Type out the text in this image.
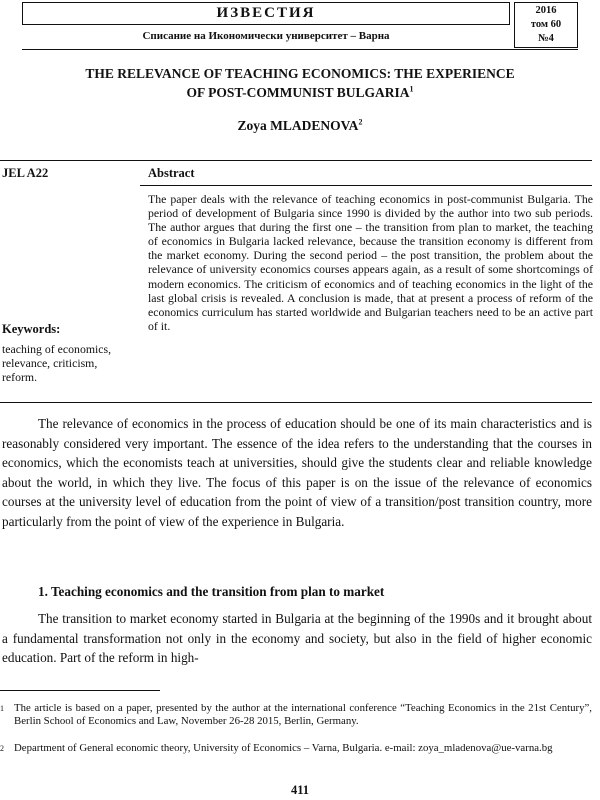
ИЗВЕСТИЯ
Списание на Икономически университет – Варна
2016
том 60
№4
THE RELEVANCE OF TEACHING ECONOMICS: THE EXPERIENCE
OF POST-COMMUNIST BULGARIA$^1$
Zoya MLADENOVA$^2$
JEL A22	Abstract
The paper deals with the relevance of teaching economics in post-communist Bulgaria. The period of development of Bulgaria since 1990 is divided by the author into two sub periods. The author argues that during the first one – the transition from plan to market, the teaching of economics in Bulgaria lacked relevance, because the transition economy is different from the market economy. During the second period – the post transition, the problem about the relevance of university economics courses appears again, as a result of some shortcomings of modern economics. The criticism of economics and of teaching economics in the light of the last global crisis is revealed. A conclusion is made, that at present a process of reform of the economics curriculum has started worldwide and Bulgarian teachers need to be an active part of it.
Keywords:
teaching of economics, relevance, criticism, reform.
The relevance of economics in the process of education should be one of its main characteristics and is reasonably considered very important. The essence of the idea refers to the understanding that the courses in economics, which the economists teach at universities, should give the students clear and reliable knowledge about the world, in which they live. The focus of this paper is on the issue of the relevance of economics courses at the university level of education from the point of view of a transition/post transition country, more particularly from the point of view of the experience in Bulgaria.
1. Teaching economics and the transition from plan to market
The transition to market economy started in Bulgaria at the beginning of the 1990s and it brought about a fundamental transformation not only in the economy and society, but also in the field of higher economic education. Part of the reform in high-
1 The article is based on a paper, presented by the author at the international conference “Teaching Economics in the 21st Century”, Berlin School of Economics and Law, November 26-28 2015, Berlin, Germany.
2 Department of General economic theory, University of Economics – Varna, Bulgaria. e-mail: zoya_mladenova@ue-varna.bg
411
